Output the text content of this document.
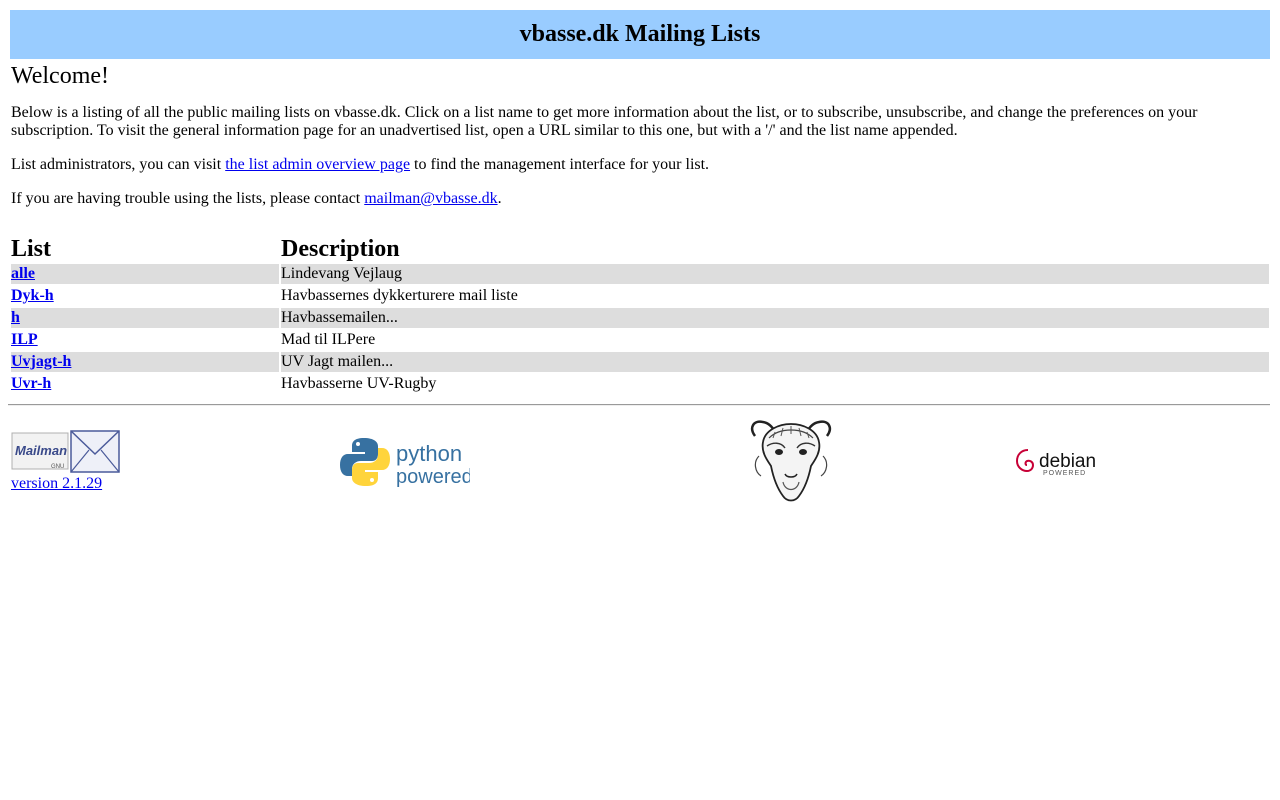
vbasse.dk Mailing Lists
Welcome!

Below is a listing of all the public mailing lists on vbasse.dk. Click on a list name to get more information about the list, or to subscribe, unsubscribe, and change the preferences on your subscription. To visit the general information page for an unadvertised list, open a URL similar to this one, but with a '/' and the list name appended.

List administrators, you can visit the list admin overview page to find the management interface for your list.

If you are having trouble using the lists, please contact mailman@vbasse.dk.

List	Description
alle	Lindevang Vejlaug
Dyk-h	Havbassernes dykkerturere mail liste
h	Havbassemailen...
ILP	Mad til ILPere
Uvjagt-h	UV Jagt mailen...
Uvr-h	Havbasserne UV-Rugby
Mailman
GNU
version 2.1.29
python
powered
debian
POWERED
